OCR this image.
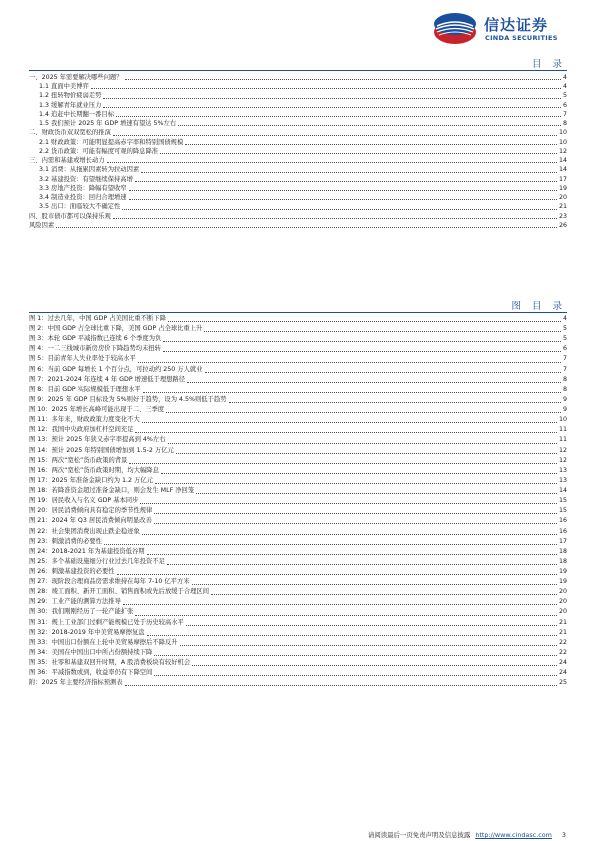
信达证券
CINDA SECURITIES
目 录
一、2025 年需要解决哪些问题？	4
1.1 直面中美博弈	4
1.2 扭转物价疲弱走势	5
1.3 缓解青年就业压力	6
1.4 追赶中长期翻一番目标	7
1.5 我们预计 2025 年 GDP 增速有望达 5%左右	8
二、财政货币双双宽松的推演	10
2.1 财政政策：可能明显提高赤字率和特别国债规模	10
2.2 货币政策：可能有幅度可观的降息降准	12
三、内需和基建或增长动力	14
3.1 消费：从拖累因素转为拉动因素	14
3.2 基建投资：有望继续保持高增	17
3.3 房地产投资：降幅有望收窄	19
3.4 制造业投资：回归合理增速	20
3.5 出口：面临较大不确定性	21
四、股市债市都可以保持乐观	23
风险因素	26
图 目 录
图 1：过去几年，中国 GDP 占美国比重不断下降	4
图 2：中国 GDP 占全球比重下降，美国 GDP 占全球比重上升	5
图 3：本轮 GDP 平减指数已连续 6 个季度为负	5
图 4：一二三线城市新房房价下降趋势均未扭转	6
图 5：目前青年人失业率处于较高水平	7
图 6：当前 GDP 每增长 1 个百分点，可拉动约 250 万人就业	7
图 7：2021-2024 年连续 4 年 GDP 增速低于理想路径	8
图 8：目前 GDP 实际规模低于理想水平	8
图 9：2025 年 GDP 目标设为 5%则好于趋势，设为 4.5%则低于趋势	9
图 10：2025 年增长高峰可能出现于二、三季度	9
图 11：多年来，财政政策力度变化不大	10
图 12：我国中央政府加杠杆空间充足	11
图 13：预计 2025 年狭义赤字率提高到 4%左右	11
图 14：预计 2025 年特别国债增加到 1.5-2 万亿元	12
图 15：两次“宽松”货币政策的背景	12
图 16：两次“宽松”货币政策时期，均大幅降息	13
图 17：2025 年准备金缺口约为 1.2 万亿元	13
图 18：若降准资金超过准备金缺口，则会发生 MLF 净回笼	14
图 19：居民收入与名义 GDP 基本同步	15
图 20：居民消费倾向具有稳定的季节性规律	15
图 21：2024 年 Q3 居民消费倾向明显改善	16
图 22：社会集团消费出现止跌企稳迹象	16
图 23：刺激消费的必要性	17
图 24：2018-2021 年为基建投资低谷期	18
图 25：多个基础设施细分行业过去几年投资不足	18
图 26：刺激基建投资的必要性	19
图 27：现阶段合理商品房需求维持在每年 7-10 亿平方米	19
图 28：竣工面积、新开工面积、销售面积或先后放缓于合理区间	20
图 29：工业产能的测算方法推导	20
图 30：我们刚刚经历了一轮产能扩张	20
图 31：规上工业部门过剩产能规模已处于历史较高水平	21
图 32：2018-2019 年中美贸易摩擦复盘	21
图 33：中国出口份额在上轮中美贸易摩擦后不降反升	22
图 34：美国在中国出口中所占份额持续下降	22
图 35：社零和基建双回升时期，A 股消费板块有较好机会	24
图 36：平减指数或到，收益率仍有下降空间	24
附：2025 年主要经济指标预测表	25
请阅读最后一页免责声明及信息披露 http://www.cindasc.com 3
